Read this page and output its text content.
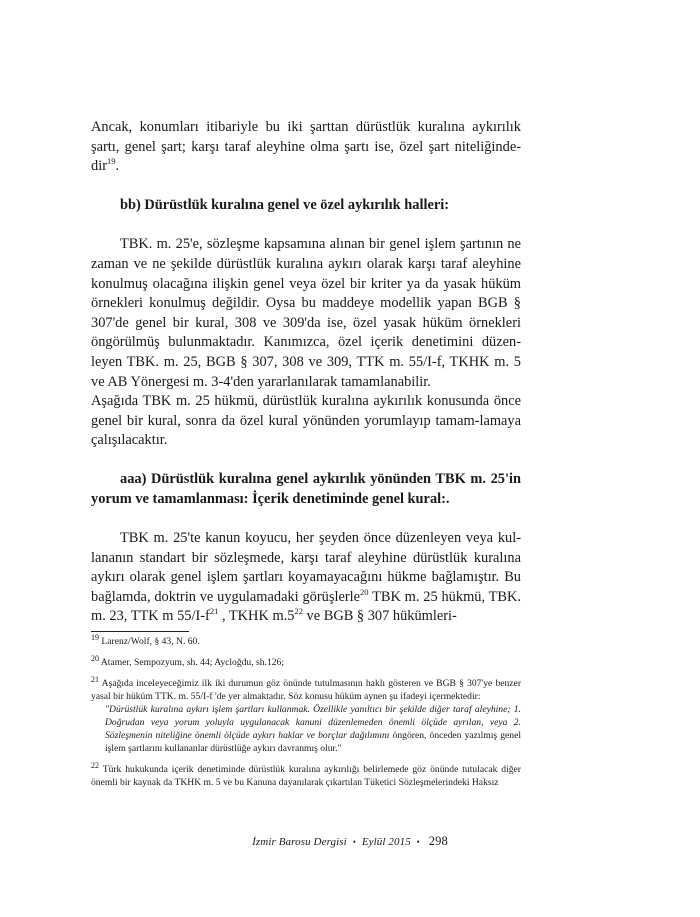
Ancak, konumları itibariyle bu iki şarttan dürüstlük kuralına aykırılık şartı, genel şart; karşı taraf aleyhine olma şartı ise, özel şart niteliğinde-dir$^{19}$.

bb) Dürüstlük kuralına genel ve özel aykırılık halleri:

TBK. m. 25'e, sözleşme kapsamına alınan bir genel işlem şartının ne zaman ve ne şekilde dürüstlük kuralına aykırı olarak karşı taraf aleyhine konulmuş olacağına ilişkin genel veya özel bir kriter ya da yasak hüküm örnekleri konulmuş değildir. Oysa bu maddeye modellik yapan BGB § 307'de genel bir kural, 308 ve 309'da ise, özel yasak hüküm örnekleri öngörülmüş bulunmaktadır. Kanımızca, özel içerik denetimini düzen-leyen TBK. m. 25, BGB § 307, 308 ve 309, TTK m. 55/I-f, TKHK m. 5 ve AB Yönergesi m. 3-4'den yararlanılarak tamamlanabilir.

Aşağıda TBK m. 25 hükmü, dürüstlük kuralına aykırılık konusunda önce genel bir kural, sonra da özel kural yönünden yorumlayıp tamam-lamaya çalışılacaktır.

aaa) Dürüstlük kuralına genel aykırılık yönünden TBK m. 25'in yorum ve tamamlanması: İçerik denetiminde genel kural:.

TBK m. 25'te kanun koyucu, her şeyden önce düzenleyen veya kul-lananın standart bir sözleşmede, karşı taraf aleyhine dürüstlük kuralına aykırı olarak genel işlem şartları koyamayacağını hükme bağlamıştır. Bu bağlamda, doktrin ve uygulamadaki görüşlerle$^{20}$ TBK m. 25 hükmü, TBK. m. 23, TTK m $55/I-f^{21}$ , TKHK $m.5^{22}$ ve BGB § 307 hükümleri-

$^{19}$ Larenz/Wolf, § 43, N. 60.

$^{20}$ Atamer, Sempozyum, sh. 44; Aycloğdu, sh.126;

$^{21}$ Aşağıda inceleyeceğimiz ilk iki durumun göz önünde tutulmasının haklı gösteren ve BGB § 307'ye benzer yasal bir hüküm TTK. m. 55/I-f 'de yer almaktadır. Söz konusu hüküm aynen şu ifadeyi içermektedir:
"Dürüstlük kuralına aykırı işlem şartları kullanmak. Özellikle yanıltıcı bir şekilde diğer taraf aleyhine; 1. Doğrudan veya yorum yoluyla uygulanacak kanuni düzenlemeden önemli ölçüde ayrılan, veya 2. Sözleşmenin niteliğine önemli ölçüde aykırı haklar ve borçlar dağılımını öngören, önceden yazılmış genel işlem şartlarını kullananlar dürüstlüğe aykırı davranmış olur."

$^{22}$ Türk hukukunda içerik denetiminde dürüstlük kuralına aykırılığı belirlemede göz önünde tutulacak diğer önemli bir kaynak da TKHK m. 5 ve bu Kanuna dayanılarak çıkartılan Tüketici Sözleşmelerindeki Haksız

İzmir Barosu Dergisi • Eylül 2015 • 298
